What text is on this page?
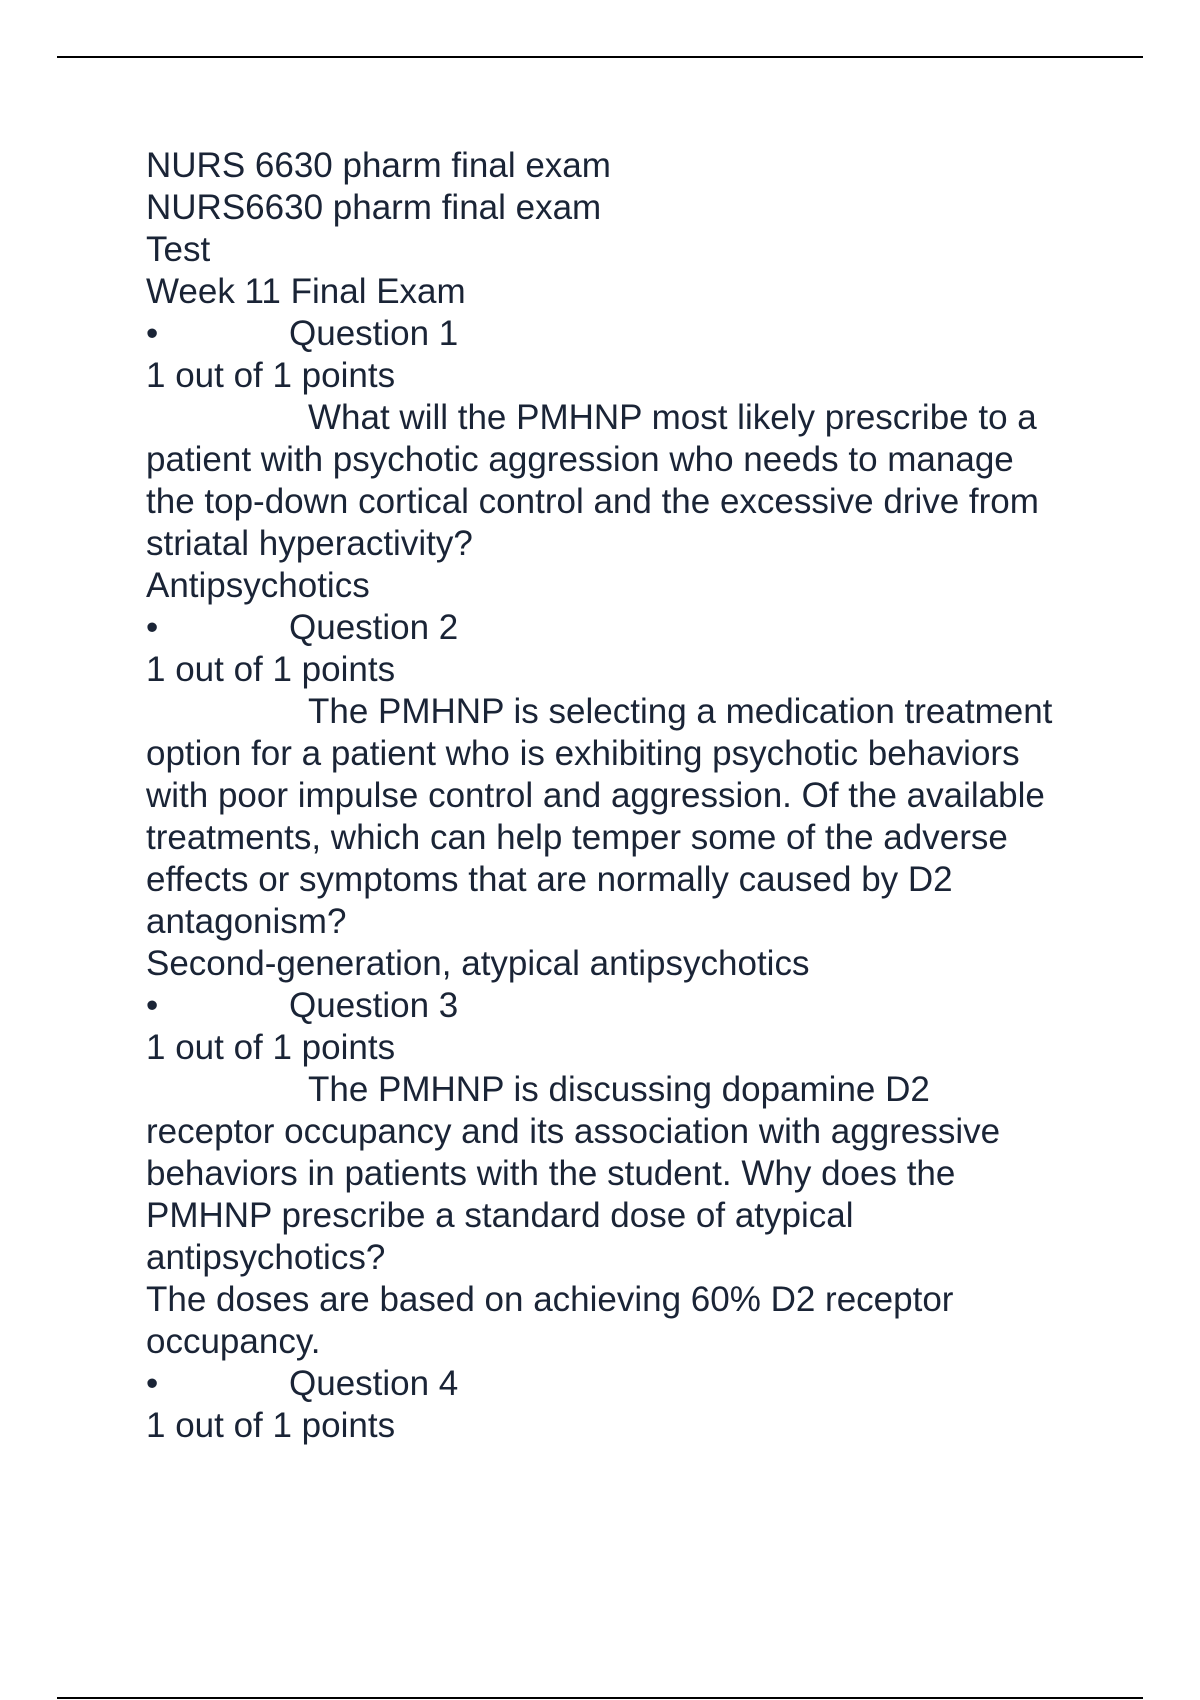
NURS 6630 pharm final exam
NURS6630 pharm final exam
Test
Week 11 Final Exam
•	Question 1
1 out of 1 points
What will the PMHNP most likely prescribe to a
patient with psychotic aggression who needs to manage
the top-down cortical control and the excessive drive from
striatal hyperactivity?
Antipsychotics
•	Question 2
1 out of 1 points
The PMHNP is selecting a medication treatment
option for a patient who is exhibiting psychotic behaviors
with poor impulse control and aggression. Of the available
treatments, which can help temper some of the adverse
effects or symptoms that are normally caused by D2
antagonism?
Second-generation, atypical antipsychotics
•	Question 3
1 out of 1 points
The PMHNP is discussing dopamine D2
receptor occupancy and its association with aggressive
behaviors in patients with the student. Why does the
PMHNP prescribe a standard dose of atypical
antipsychotics?
The doses are based on achieving 60% D2 receptor
occupancy.
•	Question 4
1 out of 1 points
